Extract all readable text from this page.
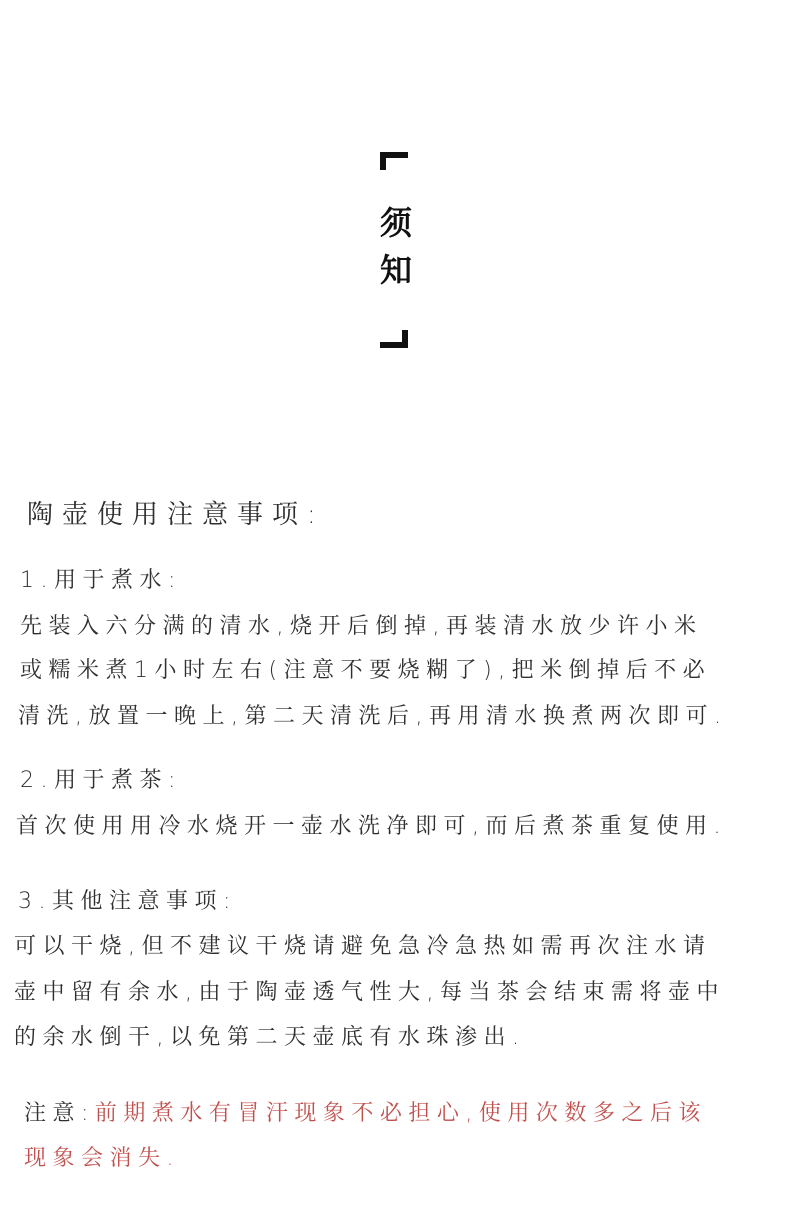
须
知
陶壶使用注意事项:
1.用于煮水:
先装入六分满的清水,烧开后倒掉,再装清水放少许小米
或糯米煮1小时左右(注意不要烧糊了),把米倒掉后不必
清洗,放置一晚上,第二天清洗后,再用清水换煮两次即可.
2.用于煮茶:
首次使用用冷水烧开一壶水洗净即可,而后煮茶重复使用.
3.其他注意事项:
可以干烧,但不建议干烧请避免急冷急热如需再次注水请
壶中留有余水,由于陶壶透气性大,每当茶会结束需将壶中
的余水倒干,以免第二天壶底有水珠渗出.
注意:前期煮水有冒汗现象不必担心,使用次数多之后该
现象会消失.
